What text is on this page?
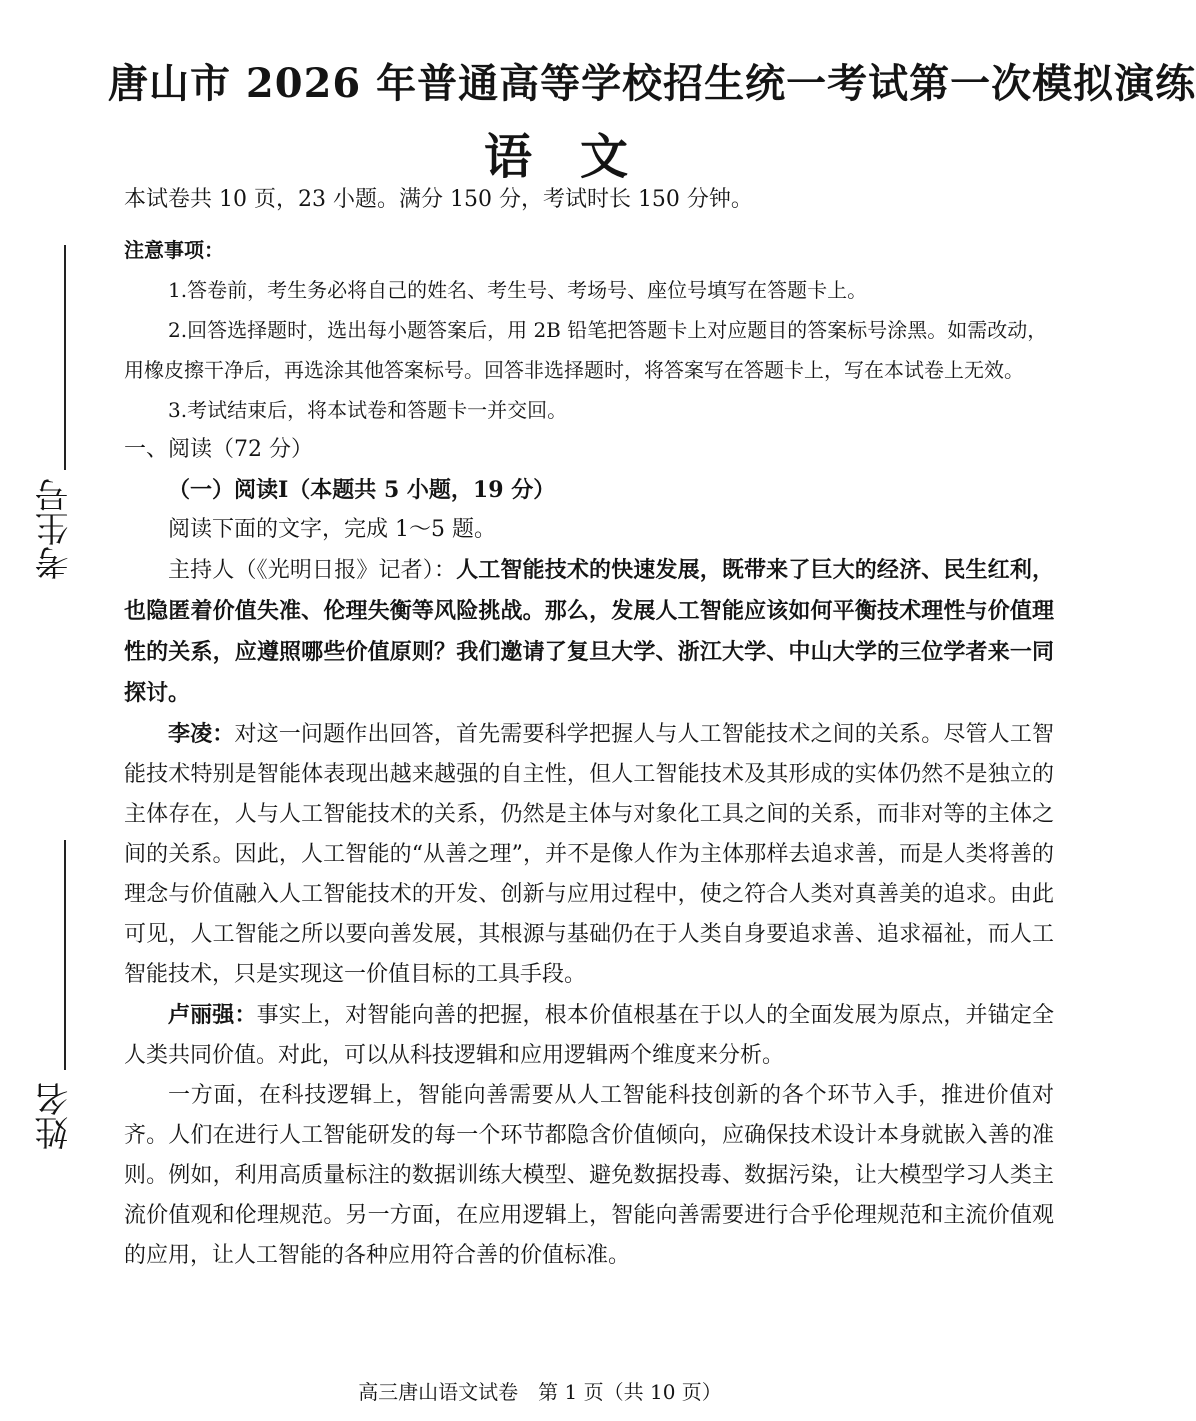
唐山市 2026 年普通高等学校招生统一考试第一次模拟演练
语文

本试卷共 10 页，23 小题。满分 150 分，考试时长 150 分钟。

注意事项：

1.答卷前，考生务必将自己的姓名、考生号、考场号、座位号填写在答题卡上。

2.回答选择题时，选出每小题答案后，用 2B 铅笔把答题卡上对应题目的答案标号涂黑。如需改动，用橡皮擦干净后，再选涂其他答案标号。回答非选择题时，将答案写在答题卡上，写在本试卷上无效。

3.考试结束后，将本试卷和答题卡一并交回。

一、阅读（72 分）

（一）阅读Ⅰ（本题共 5 小题，19 分）

阅读下面的文字，完成 1～5 题。

主持人（《光明日报》记者）：人工智能技术的快速发展，既带来了巨大的经济、民生红利，也隐匿着价值失准、伦理失衡等风险挑战。那么，发展人工智能应该如何平衡技术理性与价值理性的关系，应遵照哪些价值原则？我们邀请了复旦大学、浙江大学、中山大学的三位学者来一同探讨。

李凌：对这一问题作出回答，首先需要科学把握人与人工智能技术之间的关系。尽管人工智能技术特别是智能体表现出越来越强的自主性，但人工智能技术及其形成的实体仍然不是独立的主体存在，人与人工智能技术的关系，仍然是主体与对象化工具之间的关系，而非对等的主体之间的关系。因此，人工智能的“从善之理”，并不是像人作为主体那样去追求善，而是人类将善的理念与价值融入人工智能技术的开发、创新与应用过程中，使之符合人类对真善美的追求。由此可见，人工智能之所以要向善发展，其根源与基础仍在于人类自身要追求善、追求福祉，而人工智能技术，只是实现这一价值目标的工具手段。

卢丽强：事实上，对智能向善的把握，根本价值根基在于以人的全面发展为原点，并锚定全人类共同价值。对此，可以从科技逻辑和应用逻辑两个维度来分析。

一方面，在科技逻辑上，智能向善需要从人工智能科技创新的各个环节入手，推进价值对齐。人们在进行人工智能研发的每一个环节都隐含价值倾向，应确保技术设计本身就嵌入善的准则。例如，利用高质量标注的数据训练大模型、避免数据投毒、数据污染，让大模型学习人类主流价值观和伦理规范。另一方面，在应用逻辑上，智能向善需要进行合乎伦理规范和主流价值观的应用，让人工智能的各种应用符合善的价值标准。

考生号
姓名
高三唐山语文试卷　第 1 页（共 10 页）
